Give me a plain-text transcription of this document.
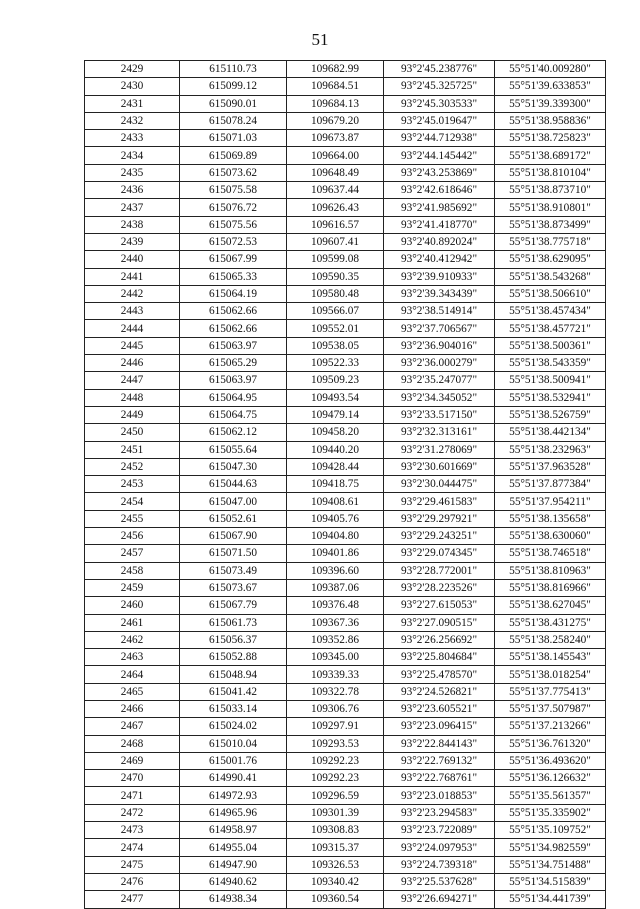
51
2429	615110.73	109682.99	93°2'45.238776"	55°51'40.009280"
2430	615099.12	109684.51	93°2'45.325725"	55°51'39.633853"
2431	615090.01	109684.13	93°2'45.303533"	55°51'39.339300"
2432	615078.24	109679.20	93°2'45.019647"	55°51'38.958836"
2433	615071.03	109673.87	93°2'44.712938"	55°51'38.725823"
2434	615069.89	109664.00	93°2'44.145442"	55°51'38.689172"
2435	615073.62	109648.49	93°2'43.253869"	55°51'38.810104"
2436	615075.58	109637.44	93°2'42.618646"	55°51'38.873710"
2437	615076.72	109626.43	93°2'41.985692"	55°51'38.910801"
2438	615075.56	109616.57	93°2'41.418770"	55°51'38.873499"
2439	615072.53	109607.41	93°2'40.892024"	55°51'38.775718"
2440	615067.99	109599.08	93°2'40.412942"	55°51'38.629095"
2441	615065.33	109590.35	93°2'39.910933"	55°51'38.543268"
2442	615064.19	109580.48	93°2'39.343439"	55°51'38.506610"
2443	615062.66	109566.07	93°2'38.514914"	55°51'38.457434"
2444	615062.66	109552.01	93°2'37.706567"	55°51'38.457721"
2445	615063.97	109538.05	93°2'36.904016"	55°51'38.500361"
2446	615065.29	109522.33	93°2'36.000279"	55°51'38.543359"
2447	615063.97	109509.23	93°2'35.247077"	55°51'38.500941"
2448	615064.95	109493.54	93°2'34.345052"	55°51'38.532941"
2449	615064.75	109479.14	93°2'33.517150"	55°51'38.526759"
2450	615062.12	109458.20	93°2'32.313161"	55°51'38.442134"
2451	615055.64	109440.20	93°2'31.278069"	55°51'38.232963"
2452	615047.30	109428.44	93°2'30.601669"	55°51'37.963528"
2453	615044.63	109418.75	93°2'30.044475"	55°51'37.877384"
2454	615047.00	109408.61	93°2'29.461583"	55°51'37.954211"
2455	615052.61	109405.76	93°2'29.297921"	55°51'38.135658"
2456	615067.90	109404.80	93°2'29.243251"	55°51'38.630060"
2457	615071.50	109401.86	93°2'29.074345"	55°51'38.746518"
2458	615073.49	109396.60	93°2'28.772001"	55°51'38.810963"
2459	615073.67	109387.06	93°2'28.223526"	55°51'38.816966"
2460	615067.79	109376.48	93°2'27.615053"	55°51'38.627045"
2461	615061.73	109367.36	93°2'27.090515"	55°51'38.431275"
2462	615056.37	109352.86	93°2'26.256692"	55°51'38.258240"
2463	615052.88	109345.00	93°2'25.804684"	55°51'38.145543"
2464	615048.94	109339.33	93°2'25.478570"	55°51'38.018254"
2465	615041.42	109322.78	93°2'24.526821"	55°51'37.775413"
2466	615033.14	109306.76	93°2'23.605521"	55°51'37.507987"
2467	615024.02	109297.91	93°2'23.096415"	55°51'37.213266"
2468	615010.04	109293.53	93°2'22.844143"	55°51'36.761320"
2469	615001.76	109292.23	93°2'22.769132"	55°51'36.493620"
2470	614990.41	109292.23	93°2'22.768761"	55°51'36.126632"
2471	614972.93	109296.59	93°2'23.018853"	55°51'35.561357"
2472	614965.96	109301.39	93°2'23.294583"	55°51'35.335902"
2473	614958.97	109308.83	93°2'23.722089"	55°51'35.109752"
2474	614955.04	109315.37	93°2'24.097953"	55°51'34.982559"
2475	614947.90	109326.53	93°2'24.739318"	55°51'34.751488"
2476	614940.62	109340.42	93°2'25.537628"	55°51'34.515839"
2477	614938.34	109360.54	93°2'26.694271"	55°51'34.441739"
